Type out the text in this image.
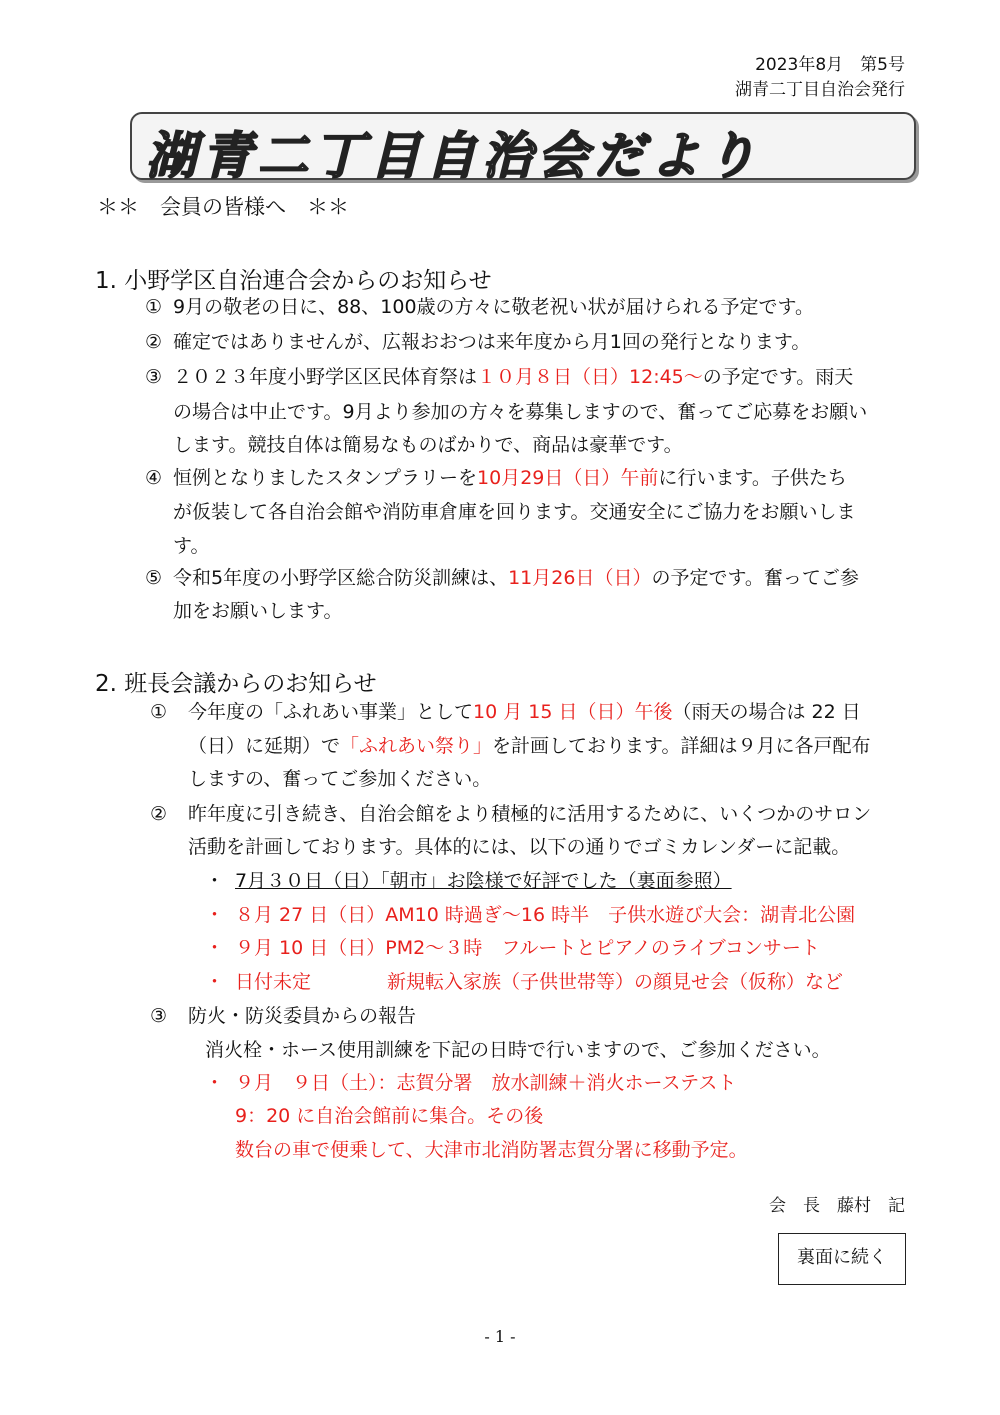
2023年8月　第5号
湖青二丁目自治会発行
湖青二丁目自治会だより
＊＊　会員の皆様へ　＊＊
1. 小野学区自治連合会からのお知らせ
① 9月の敬老の日に、88、100歳の方々に敬老祝い状が届けられる予定です。
② 確定ではありませんが、広報おおつは来年度から月1回の発行となります。
③ ２０２３年度小野学区区民体育祭は１０月８日（日）12:45～の予定です。雨天
の場合は中止です。9月より参加の方々を募集しますので、奮ってご応募をお願い
します。競技自体は簡易なものばかりで、商品は豪華です。
④ 恒例となりましたスタンプラリーを10月29日（日）午前に行います。子供たち
が仮装して各自治会館や消防車倉庫を回ります。交通安全にご協力をお願いしま
す。
⑤ 令和5年度の小野学区総合防災訓練は、11月26日（日）の予定です。奮ってご参
加をお願いします。
2. 班長会議からのお知らせ
① 今年度の「ふれあい事業」として10 月 15 日（日）午後（雨天の場合は 22 日
（日）に延期）で「ふれあい祭り」を計画しております。詳細は９月に各戸配布
しますの、奮ってご参加ください。
② 昨年度に引き続き、自治会館をより積極的に活用するために、いくつかのサロン
活動を計画しております。具体的には、以下の通りでゴミカレンダーに記載。
・ 7月３０日（日）「朝市」お陰様で好評でした（裏面参照）
・ ８月 27 日（日）AM10 時過ぎ～16 時半　子供水遊び大会：湖青北公園
・ ９月 10 日（日）PM2～３時　フルートとピアノのライブコンサート
・ 日付未定　　　　新規転入家族（子供世帯等）の顔見せ会（仮称）など
③ 防火・防災委員からの報告
消火栓・ホース使用訓練を下記の日時で行いますので、ご参加ください。
・ ９月　９日（土）：志賀分署　放水訓練＋消火ホーステスト
9：20 に自治会館前に集合。その後
数台の車で便乗して、大津市北消防署志賀分署に移動予定。
会　長　藤村　記
裏面に続く
- 1 -
